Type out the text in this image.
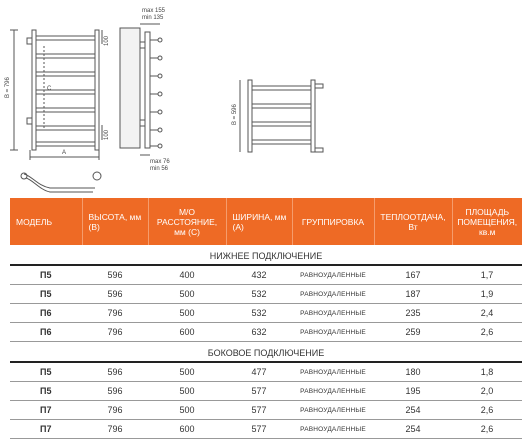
max 155
min 135
B = 796
B = 596
C
A
100
100
max 76
min 56
МОДЕЛЬ	ВЫСОТА, мм (В)	М/О РАССТОЯНИЕ, мм (С)	ШИРИНА, мм (А)	ГРУППИРОВКА	ТЕПЛООТДАЧА, Вт	ПЛОЩАДЬ ПОМЕЩЕНИЯ, кв.м
НИЖНЕЕ ПОДКЛЮЧЕНИЕ						
П5	596	400	432	РАВНОУДАЛЕННЫЕ	167	1,7
П5	596	500	532	РАВНОУДАЛЕННЫЕ	187	1,9
П6	796	500	532	РАВНОУДАЛЕННЫЕ	235	2,4
П6	796	600	632	РАВНОУДАЛЕННЫЕ	259	2,6
БОКОВОЕ ПОДКЛЮЧЕНИЕ						
П5	596	500	477	РАВНОУДАЛЕННЫЕ	180	1,8
П5	596	500	577	РАВНОУДАЛЕННЫЕ	195	2,0
П7	796	500	577	РАВНОУДАЛЕННЫЕ	254	2,6
П7	796	600	577	РАВНОУДАЛЕННЫЕ	254	2,6
